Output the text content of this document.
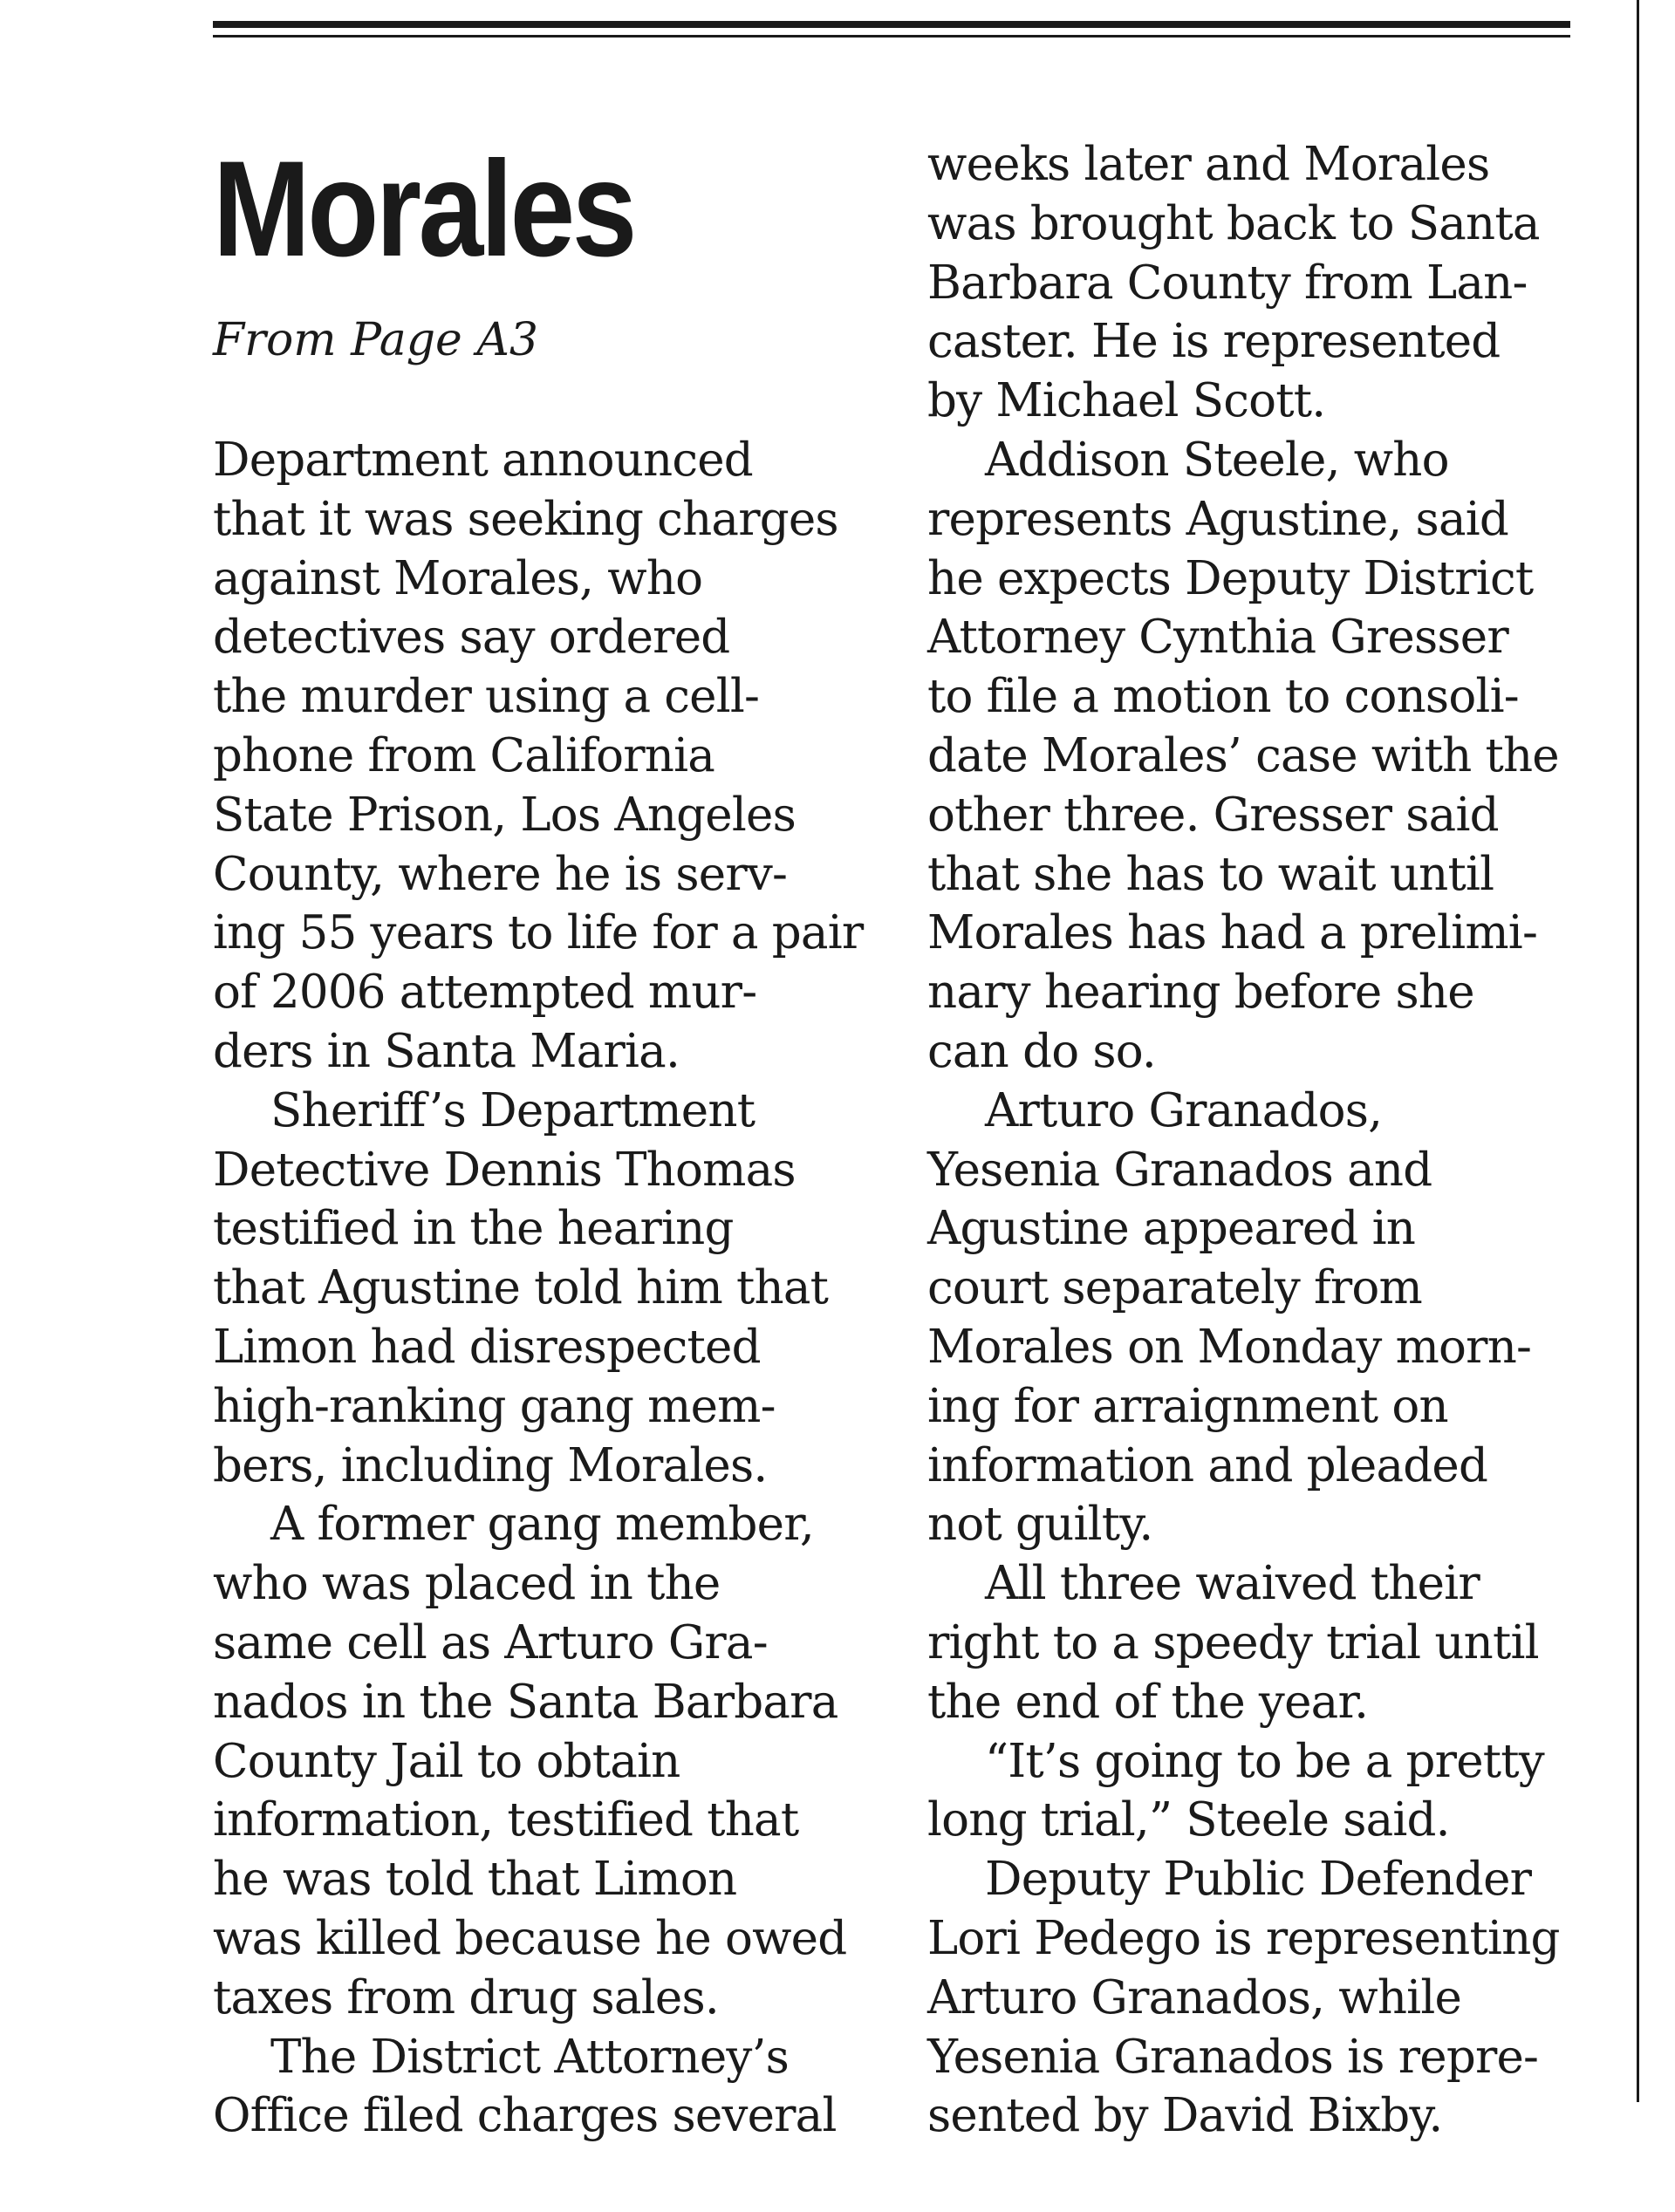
Morales

From Page A3

Department announced
that it was seeking charges
against Morales, who
detectives say ordered
the murder using a cell-
phone from California
State Prison, Los Angeles
County, where he is serv-
ing 55 years to life for a pair
of 2006 attempted mur-
ders in Santa Maria.
Sheriff’s Department
Detective Dennis Thomas
testified in the hearing
that Agustine told him that
Limon had disrespected
high-ranking gang mem-
bers, including Morales.
A former gang member,
who was placed in the
same cell as Arturo Gra-
nados in the Santa Barbara
County Jail to obtain
information, testified that
he was told that Limon
was killed because he owed
taxes from drug sales.
The District Attorney’s
Office filed charges several
weeks later and Morales
was brought back to Santa
Barbara County from Lan-
caster. He is represented
by Michael Scott.
Addison Steele, who
represents Agustine, said
he expects Deputy District
Attorney Cynthia Gresser
to file a motion to consoli-
date Morales’ case with the
other three. Gresser said
that she has to wait until
Morales has had a prelimi-
nary hearing before she
can do so.
Arturo Granados,
Yesenia Granados and
Agustine appeared in
court separately from
Morales on Monday morn-
ing for arraignment on
information and pleaded
not guilty.
All three waived their
right to a speedy trial until
the end of the year.
“It’s going to be a pretty
long trial,” Steele said.
Deputy Public Defender
Lori Pedego is representing
Arturo Granados, while
Yesenia Granados is repre-
sented by David Bixby.
